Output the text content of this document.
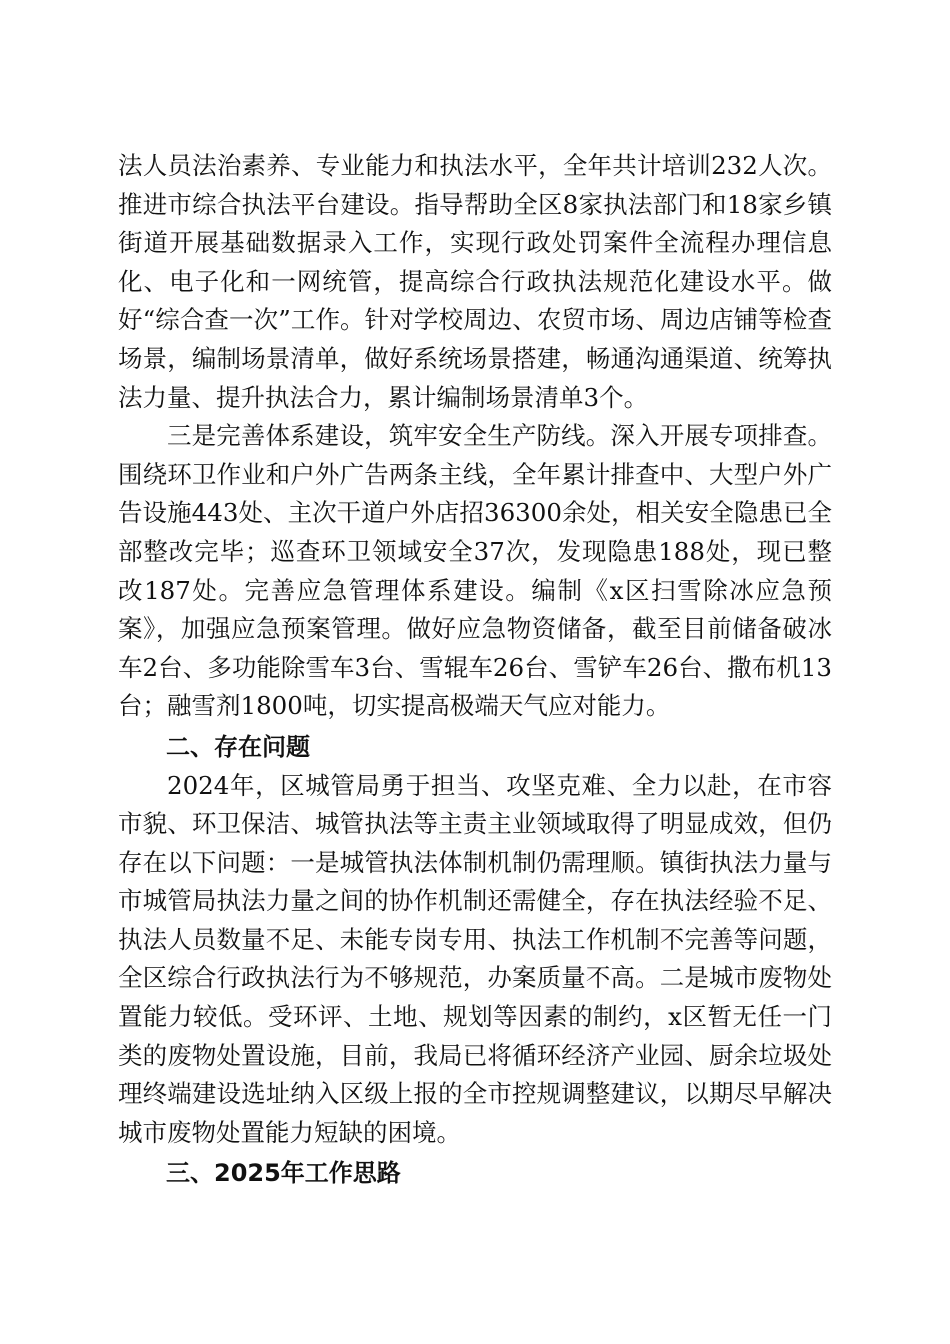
法人员法治素养、专业能力和执法水平，全年共计培训232人次。推进市综合执法平台建设。指导帮助全区8家执法部门和18家乡镇街道开展基础数据录入工作，实现行政处罚案件全流程办理信息化、电子化和一网统管，提高综合行政执法规范化建设水平。做好“综合查一次”工作。针对学校周边、农贸市场、周边店铺等检查场景，编制场景清单，做好系统场景搭建，畅通沟通渠道、统筹执法力量、提升执法合力，累计编制场景清单3个。

三是完善体系建设，筑牢安全生产防线。深入开展专项排查。围绕环卫作业和户外广告两条主线，全年累计排查中、大型户外广告设施443处、主次干道户外店招36300余处，相关安全隐患已全部整改完毕；巡查环卫领域安全37次，发现隐患188处，现已整改187处。完善应急管理体系建设。编制《x区扫雪除冰应急预案》，加强应急预案管理。做好应急物资储备，截至目前储备破冰车2台、多功能除雪车3台、雪辊车26台、雪铲车26台、撒布机13台；融雪剂1800吨，切实提高极端天气应对能力。

二、存在问题

2024年，区城管局勇于担当、攻坚克难、全力以赴，在市容市貌、环卫保洁、城管执法等主责主业领域取得了明显成效，但仍存在以下问题：一是城管执法体制机制仍需理顺。镇街执法力量与市城管局执法力量之间的协作机制还需健全，存在执法经验不足、执法人员数量不足、未能专岗专用、执法工作机制不完善等问题，全区综合行政执法行为不够规范，办案质量不高。二是城市废物处置能力较低。受环评、土地、规划等因素的制约，x区暂无任一门类的废物处置设施，目前，我局已将循环经济产业园、厨余垃圾处理终端建设选址纳入区级上报的全市控规调整建议，以期尽早解决城市废物处置能力短缺的困境。

三、2025年工作思路
